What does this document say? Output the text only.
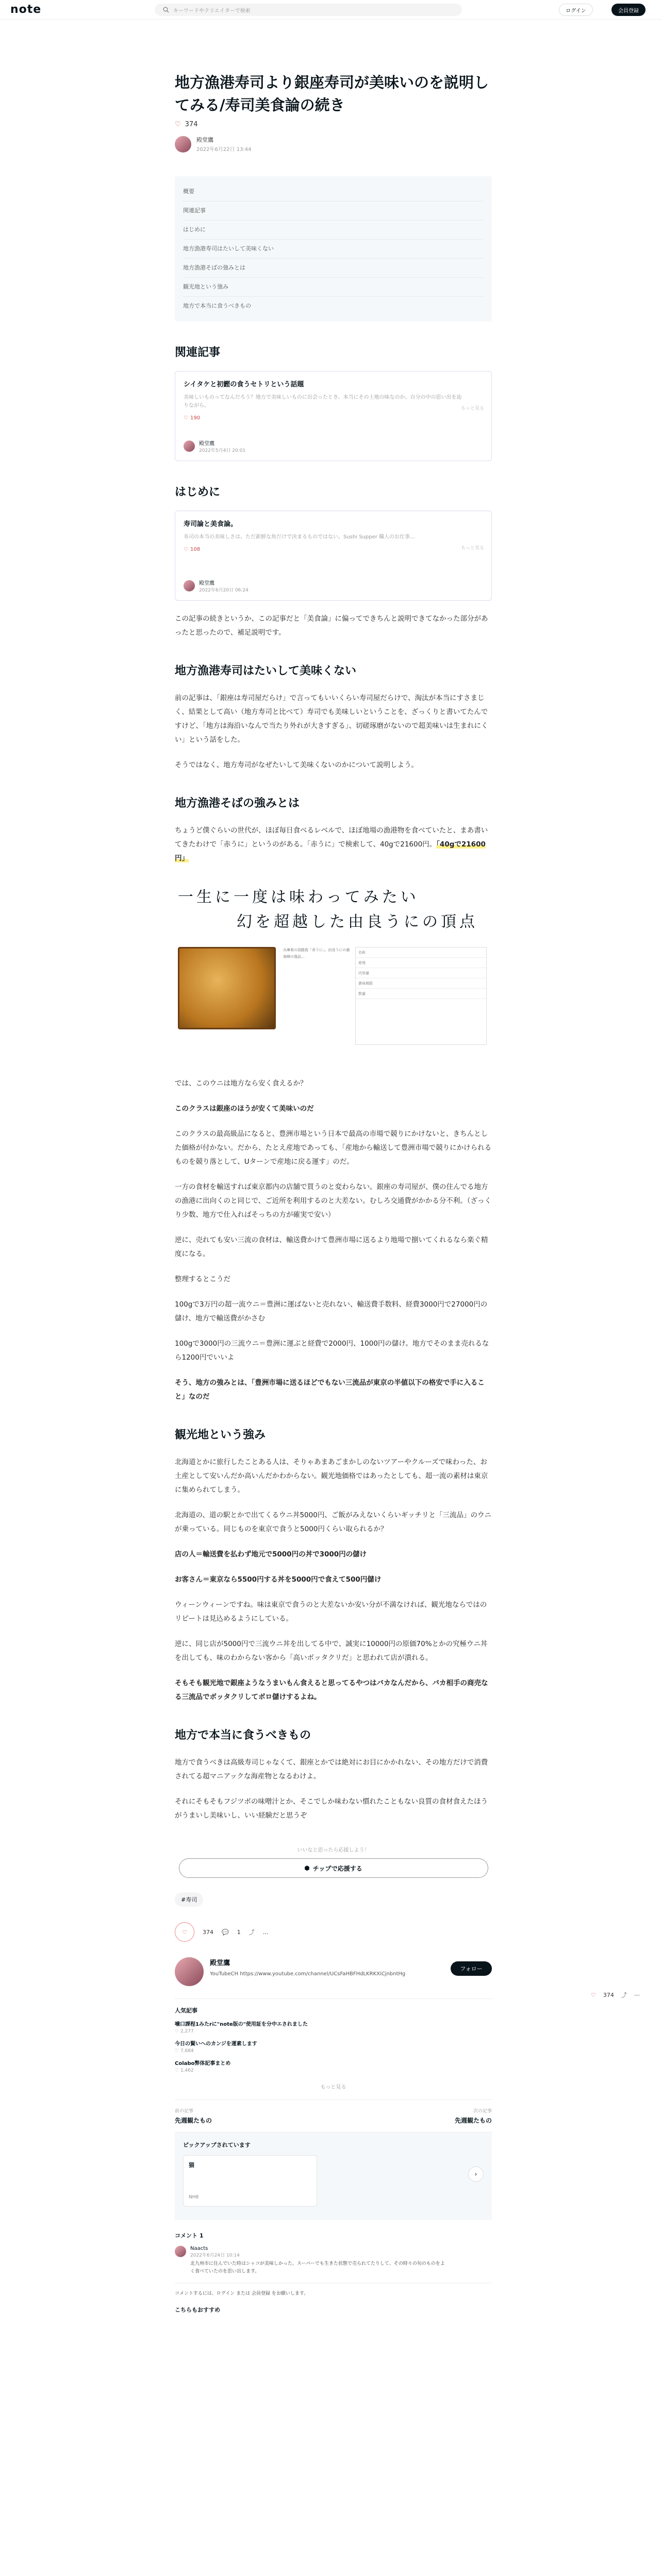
note	キーワードやクリエイターで検索	ログイン	会員登録
地方漁港寿司より銀座寿司が美味いのを説明してみる/寿司美食論の続き
♡ 374
殿堂鷹
2022年6月22日 13:44
概要
関連記事
はじめに
地方漁港寿司はたいして美味くない
地方漁港そばの強みとは
観光地という強み
地方で本当に食うべきもの
関連記事
シイタケと初鰹の食うセトリという話題
美味しいものってなんだろう？地方で美味しいものに出会ったとき、本当にその土地の味なのか。自分の中の思い出を辿りながら。
♡ 190
もっと見る
殿堂鷹
2022年5月4日 20:01
はじめに
寿司論と美食論。
寿司の本当の美味しさは、ただ新鮮な魚だけで決まるものではない。Sushi Supper 職人のお仕事…
♡ 108	もっと見る
殿堂鷹
2022年6月20日 06:24

この記事の続きというか、この記事だと「美食論」に偏ってできちんと説明できてなかった部分があったと思ったので、補足説明です。

地方漁港寿司はたいして美味くない

前の記事は、「銀座は寿司屋だらけ」で言ってもいいくらい寿司屋だらけで、淘汰が本当にすさまじく、結果として高い（地方寿司と比べて）寿司でも美味しいということを、ざっくりと書いてたんですけど、「地方は海沿いなんで当たり外れが大きすぎる」、切磋琢磨がないので超美味いは生まれにくい」という話をした。

そうではなく、地方寿司がなぜたいして美味くないのかについて説明しよう。

地方漁港そばの強みとは

ちょうど僕ぐらいの世代が、ほぼ毎日食べるレベルで、ほぼ地場の漁港物を食べていたと、まあ書いてきたわけで「赤うに」というのがある。「赤うに」で検索して、40gで21600円。「40gで21600円」

一生に一度は味わってみたい
幻を超越した由良うにの頂点
兵庫県の淡路島「赤うに」。由良うにの最高峰の逸品…
名称
産地
内容量
賞味期限
数量

では、このウニは地方なら安く食えるか？

このクラスは銀座のほうが安くて美味いのだ

このクラスの最高級品になると、豊洲市場という日本で最高の市場で競りにかけないと、きちんとした価格が付かない。だから、たとえ産地であっても、「産地から輸送して豊洲市場で競りにかけられるものを競り落として、Uターンで産地に戻る運す」のだ。

一方の食材を輸送すれば東京都内の店舗で買うのと変わらない。銀座の寿司屋が、僕の住んでる地方の漁港に出向くのと同じで、ご近所を利用するのと大差ない。むしろ交通費がかかる分不利。（ざっくり少数、地方で仕入ればそっちの方が確実で安い）

逆に、売れても安い三流の食材は、輸送費かけて豊洲市場に送るより地場で捌いてくれるなら楽ぐ精度になる。

整理するとこうだ

100gで3万円の超一流ウニ＝豊洲に運ばないと売れない、輸送費手数料、経費3000円で27000円の儲け、地方で輸送費がかさむ

100gで3000円の三流ウニ＝豊洲に運ぶと経費で2000円、1000円の儲け。地方でそのまま売れるなら1200円でいいよ

そう、地方の強みとは、「豊洲市場に送るほどでもない三流品が東京の半値以下の格安で手に入ること」なのだ

観光地という強み

北海道とかに旅行したことある人は、そりゃあまあごまかしのないツアーやクルーズで味わった、お土産として安いんだか高いんだかわからない。観光地価格ではあったとしても、超一流の素材は東京に集められてしまう。

北海道の、道の駅とかで出てくるウニ丼5000円、ご飯がみえないくらいギッチリと「三流品」のウニが乗っている。同じものを東京で食うと5000円くらい取られるか？

店の人＝輸送費を払わず地元で5000円の丼で3000円の儲け

お客さん＝東京なら5500円する丼を5000円で食えて500円儲け

ウィーンウィーンですね。味は東京で食うのと大差ないか安い分が不満なければ、観光地ならではのリピートは見込めるようにしている。

逆に、同じ店が5000円で三流ウニ丼を出してる中で、誠実に10000円の原価70%とかの究極ウニ丼を出しても、味のわからない客から「高いボッタクリだ」と思われて店が潰れる。

そもそも観光地で銀座ようなうまいもん食えると思ってるやつはバカなんだから、バカ相手の商売なる三流品でボッタクリしてボロ儲けするよね。

地方で本当に食うべきもの

地方で食うべきは高級寿司じゃなくて、銀座とかでは絶対にお目にかかれない、その地方だけで消費されてる超マニアックな海産物となるわけよ。

それにそもそもフジツボの味噌汁とか、そこでしか味わない慣れたこともない良質の食材食えたほうがうまいし美味いし、いい経験だと思うぞ

いいなと思ったら応援しよう！
⬢ チップで応援する
#寿司
♡	374 💬 1 ⤴ …
殿堂鷹
YouTubeCH https://www.youtube.com/channel/UCsFaHBFHdLKRKXiCjnbntHg
フォロー
人気記事
噛口課程1みたrに"note版の"使用証を分中エされました
♡ 2,277
今日の賢いへのカンジを運素します
♡ 7,684
Colabo弊体記事まとめ
♡ 1,462
もっと見る
前の記事
先週観たもの
次の記事
先週観たもの
ピックアップされています
猫
NH8
›
コメント 1
Naacts
2022年6月24日 10:14
北九州市に住んでいた時はシャコが美味しかった。スーパーでも生きた状態で売られてたりして、その時々の旬のものをよく食べていたのを思い出します。
コメントするには、ログイン または 会員登録 をお願いします。
こちらもおすすめ
♡ 374 ⤴ ⋯
